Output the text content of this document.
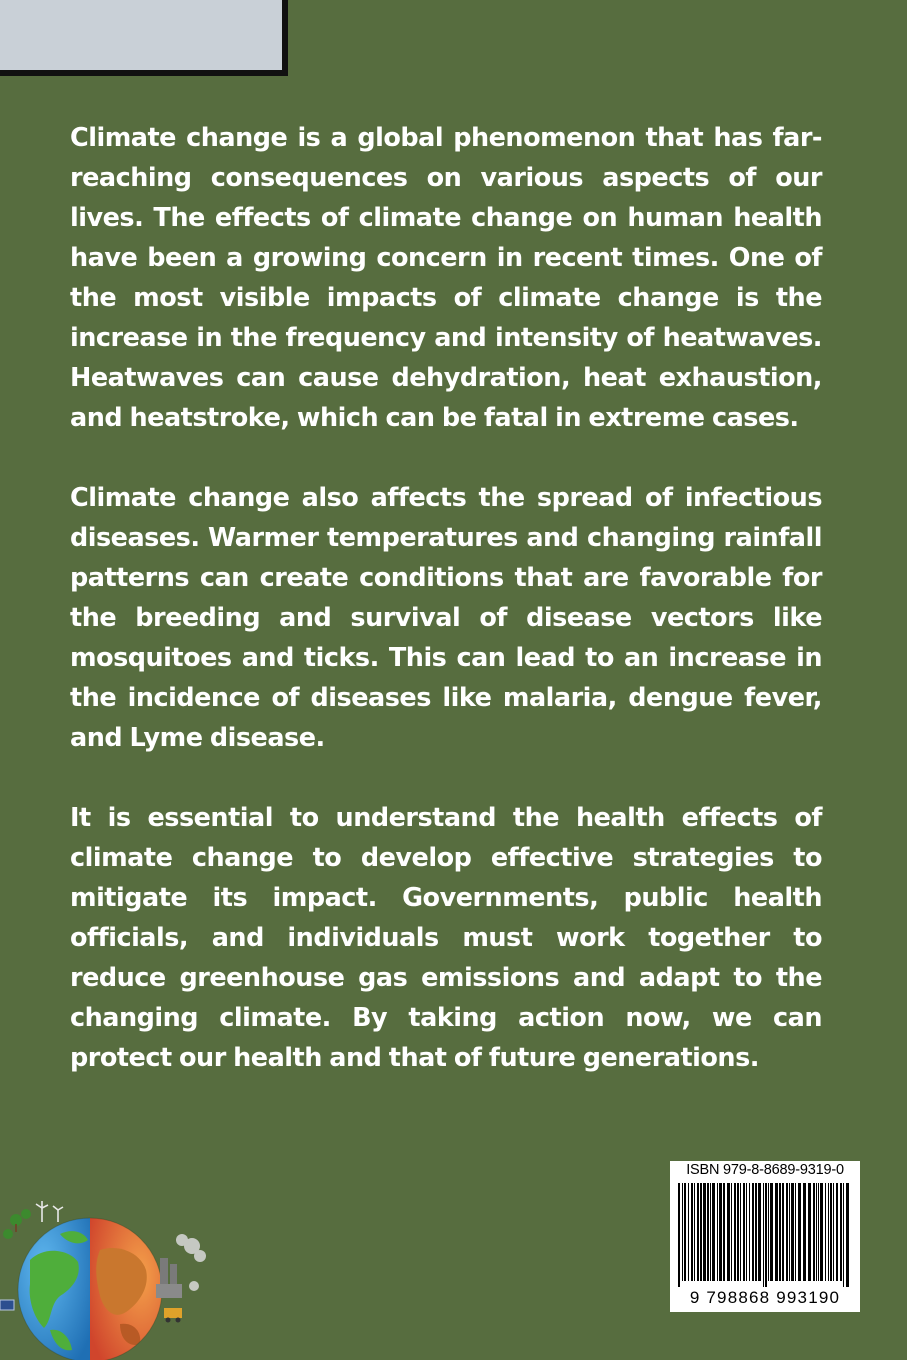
Climate change is a global phenomenon that has far-reaching consequences on various aspects of our lives. The effects of climate change on human health have been a growing concern in recent times. One of the most visible impacts of climate change is the increase in the frequency and intensity of heatwaves. Heatwaves can cause dehydration, heat exhaustion, and heatstroke, which can be fatal in extreme cases.

Climate change also affects the spread of infectious diseases. Warmer temperatures and changing rainfall patterns can create conditions that are favorable for the breeding and survival of disease vectors like mosquitoes and ticks. This can lead to an increase in the incidence of diseases like malaria, dengue fever, and Lyme disease.

It is essential to understand the health effects of climate change to develop effective strategies to mitigate its impact. Governments, public health officials, and individuals must work together to reduce greenhouse gas emissions and adapt to the changing climate. By taking action now, we can protect our health and that of future generations.

ISBN 979-8-8689-9319-0
9 798868 993190
